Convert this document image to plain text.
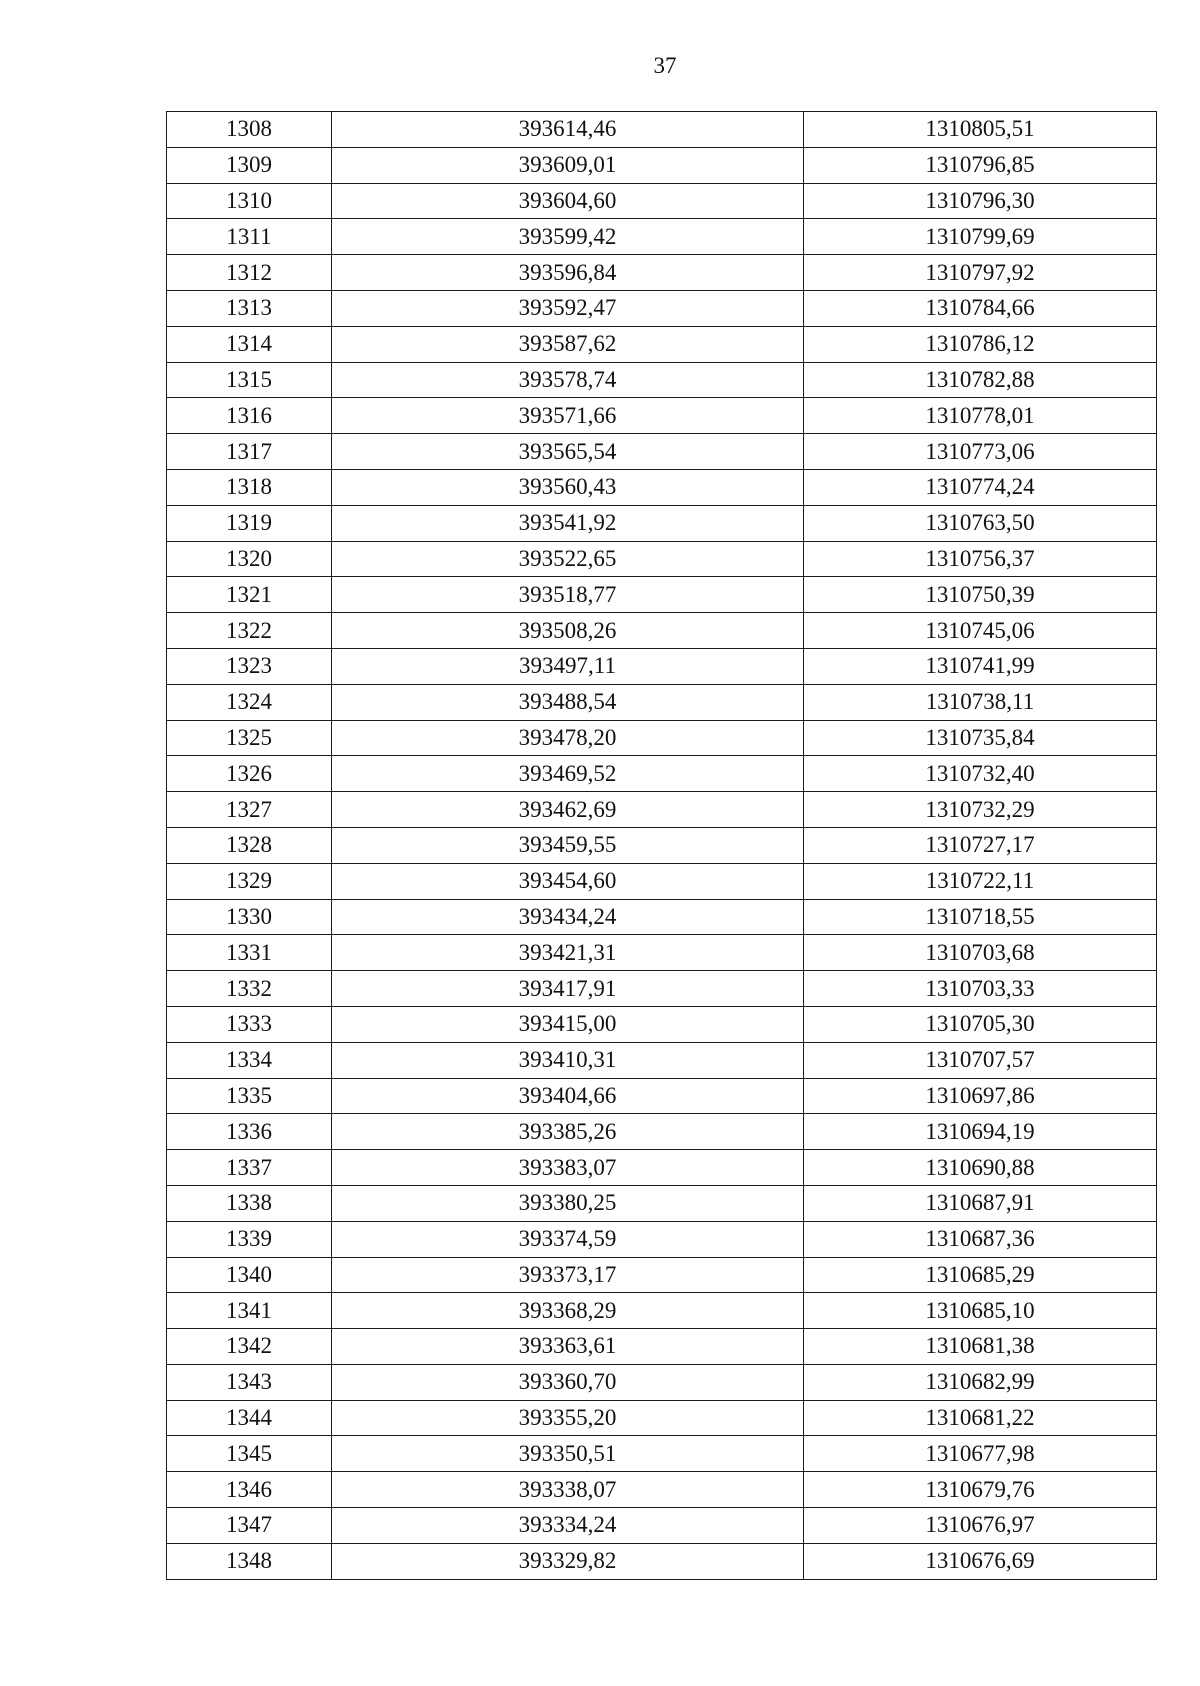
37
1308	393614,46	1310805,51
1309	393609,01	1310796,85
1310	393604,60	1310796,30
1311	393599,42	1310799,69
1312	393596,84	1310797,92
1313	393592,47	1310784,66
1314	393587,62	1310786,12
1315	393578,74	1310782,88
1316	393571,66	1310778,01
1317	393565,54	1310773,06
1318	393560,43	1310774,24
1319	393541,92	1310763,50
1320	393522,65	1310756,37
1321	393518,77	1310750,39
1322	393508,26	1310745,06
1323	393497,11	1310741,99
1324	393488,54	1310738,11
1325	393478,20	1310735,84
1326	393469,52	1310732,40
1327	393462,69	1310732,29
1328	393459,55	1310727,17
1329	393454,60	1310722,11
1330	393434,24	1310718,55
1331	393421,31	1310703,68
1332	393417,91	1310703,33
1333	393415,00	1310705,30
1334	393410,31	1310707,57
1335	393404,66	1310697,86
1336	393385,26	1310694,19
1337	393383,07	1310690,88
1338	393380,25	1310687,91
1339	393374,59	1310687,36
1340	393373,17	1310685,29
1341	393368,29	1310685,10
1342	393363,61	1310681,38
1343	393360,70	1310682,99
1344	393355,20	1310681,22
1345	393350,51	1310677,98
1346	393338,07	1310679,76
1347	393334,24	1310676,97
1348	393329,82	1310676,69
